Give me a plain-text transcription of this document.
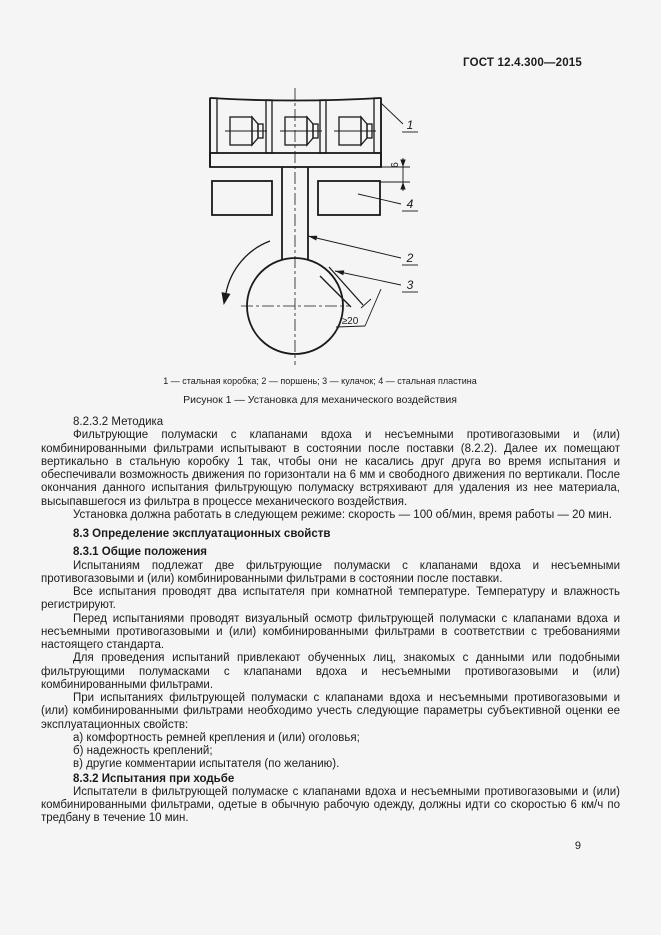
ГОСТ 12.4.300—2015
6
≥20
1
4
2
3
1 — стальная коробка; 2 — поршень; 3 — кулачок; 4 — стальная пластина
Рисунок 1 — Установка для механического воздействия

8.2.3.2 Методика

Фильтрующие полумаски с клапанами вдоха и несъемными противогазовыми и (или) комбинированными фильтрами испытывают в состоянии после поставки (8.2.2). Далее их помещают вертикально в стальную коробку 1 так, чтобы они не касались друг друга во время испытания и обеспечивали возможность движения по горизонтали на 6 мм и свободного движения по вертикали. После окончания данного испытания фильтрующую полумаску встряхивают для удаления из нее материала, высыпавшегося из фильтра в процессе механического воздействия.

Установка должна работать в следующем режиме: скорость — 100 об/мин, время работы — 20 мин.

8.3 Определение эксплуатационных свойств

8.3.1 Общие положения

Испытаниям подлежат две фильтрующие полумаски с клапанами вдоха и несъемными противогазовыми и (или) комбинированными фильтрами в состоянии после поставки.

Все испытания проводят два испытателя при комнатной температуре. Температуру и влажность регистрируют.

Перед испытаниями проводят визуальный осмотр фильтрующей полумаски с клапанами вдоха и несъемными противогазовыми и (или) комбинированными фильтрами в соответствии с требованиями настоящего стандарта.

Для проведения испытаний привлекают обученных лиц, знакомых с данными или подобными фильтрующими полумасками с клапанами вдоха и несъемными противогазовыми и (или) комбинированными фильтрами.

При испытаниях фильтрующей полумаски с клапанами вдоха и несъемными противогазовыми и (или) комбинированными фильтрами необходимо учесть следующие параметры субъективной оценки ее эксплуатационных свойств:

а) комфортность ремней крепления и (или) оголовья;

б) надежность креплений;

в) другие комментарии испытателя (по желанию).

8.3.2 Испытания при ходьбе

Испытатели в фильтрующей полумаске с клапанами вдоха и несъемными противогазовыми и (или) комбинированными фильтрами, одетые в обычную рабочую одежду, должны идти со скоростью 6 км/ч по тредбану в течение 10 мин.

9
